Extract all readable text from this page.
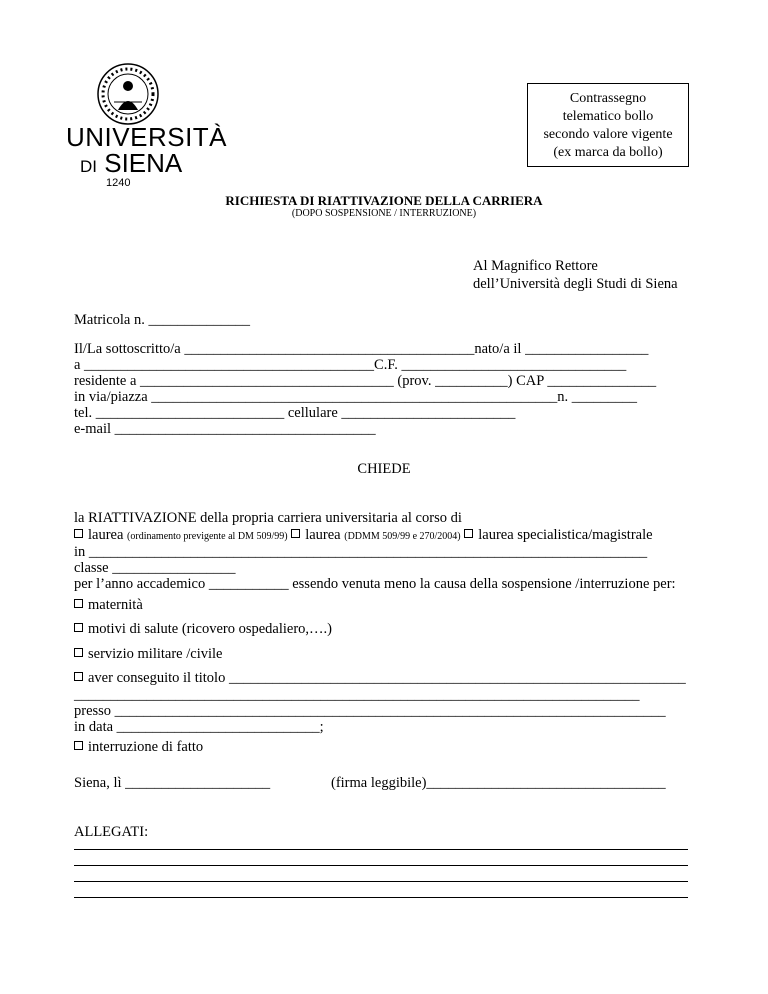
UNIVERSITÀ
DI SIENA
1240
Contrassegno
telematico bollo
secondo valore vigente
(ex marca da bollo)
RICHIESTA DI RIATTIVAZIONE DELLA CARRIERA
(DOPO SOSPENSIONE / INTERRUZIONE)
Al Magnifico Rettore
dell’Università degli Studi di Siena
Matricola n. ______________
Il/La sottoscritto/a ________________________________________nato/a il _________________
a ________________________________________C.F. _______________________________
residente a ___________________________________ (prov. __________) CAP _______________
in via/piazza ________________________________________________________n. _________
tel. __________________________ cellulare ________________________
e-mail ____________________________________
CHIEDE
la RIATTIVAZIONE della propria carriera universitaria al corso di
laurea (ordinamento previgente al DM 509/99) laurea (DDMM 509/99 e 270/2004) laurea specialistica/magistrale
in _____________________________________________________________________________
classe _________________
per l’anno accademico ___________ essendo venuta meno la causa della sospensione /interruzione per:
maternità
motivi di salute (ricovero ospedaliero,….)
servizio militare /civile
aver conseguito il titolo _______________________________________________________________
______________________________________________________________________________
presso ____________________________________________________________________________
in data ____________________________;
interruzione di fatto
Siena, lì ____________________	(firma leggibile)_________________________________
ALLEGATI:
